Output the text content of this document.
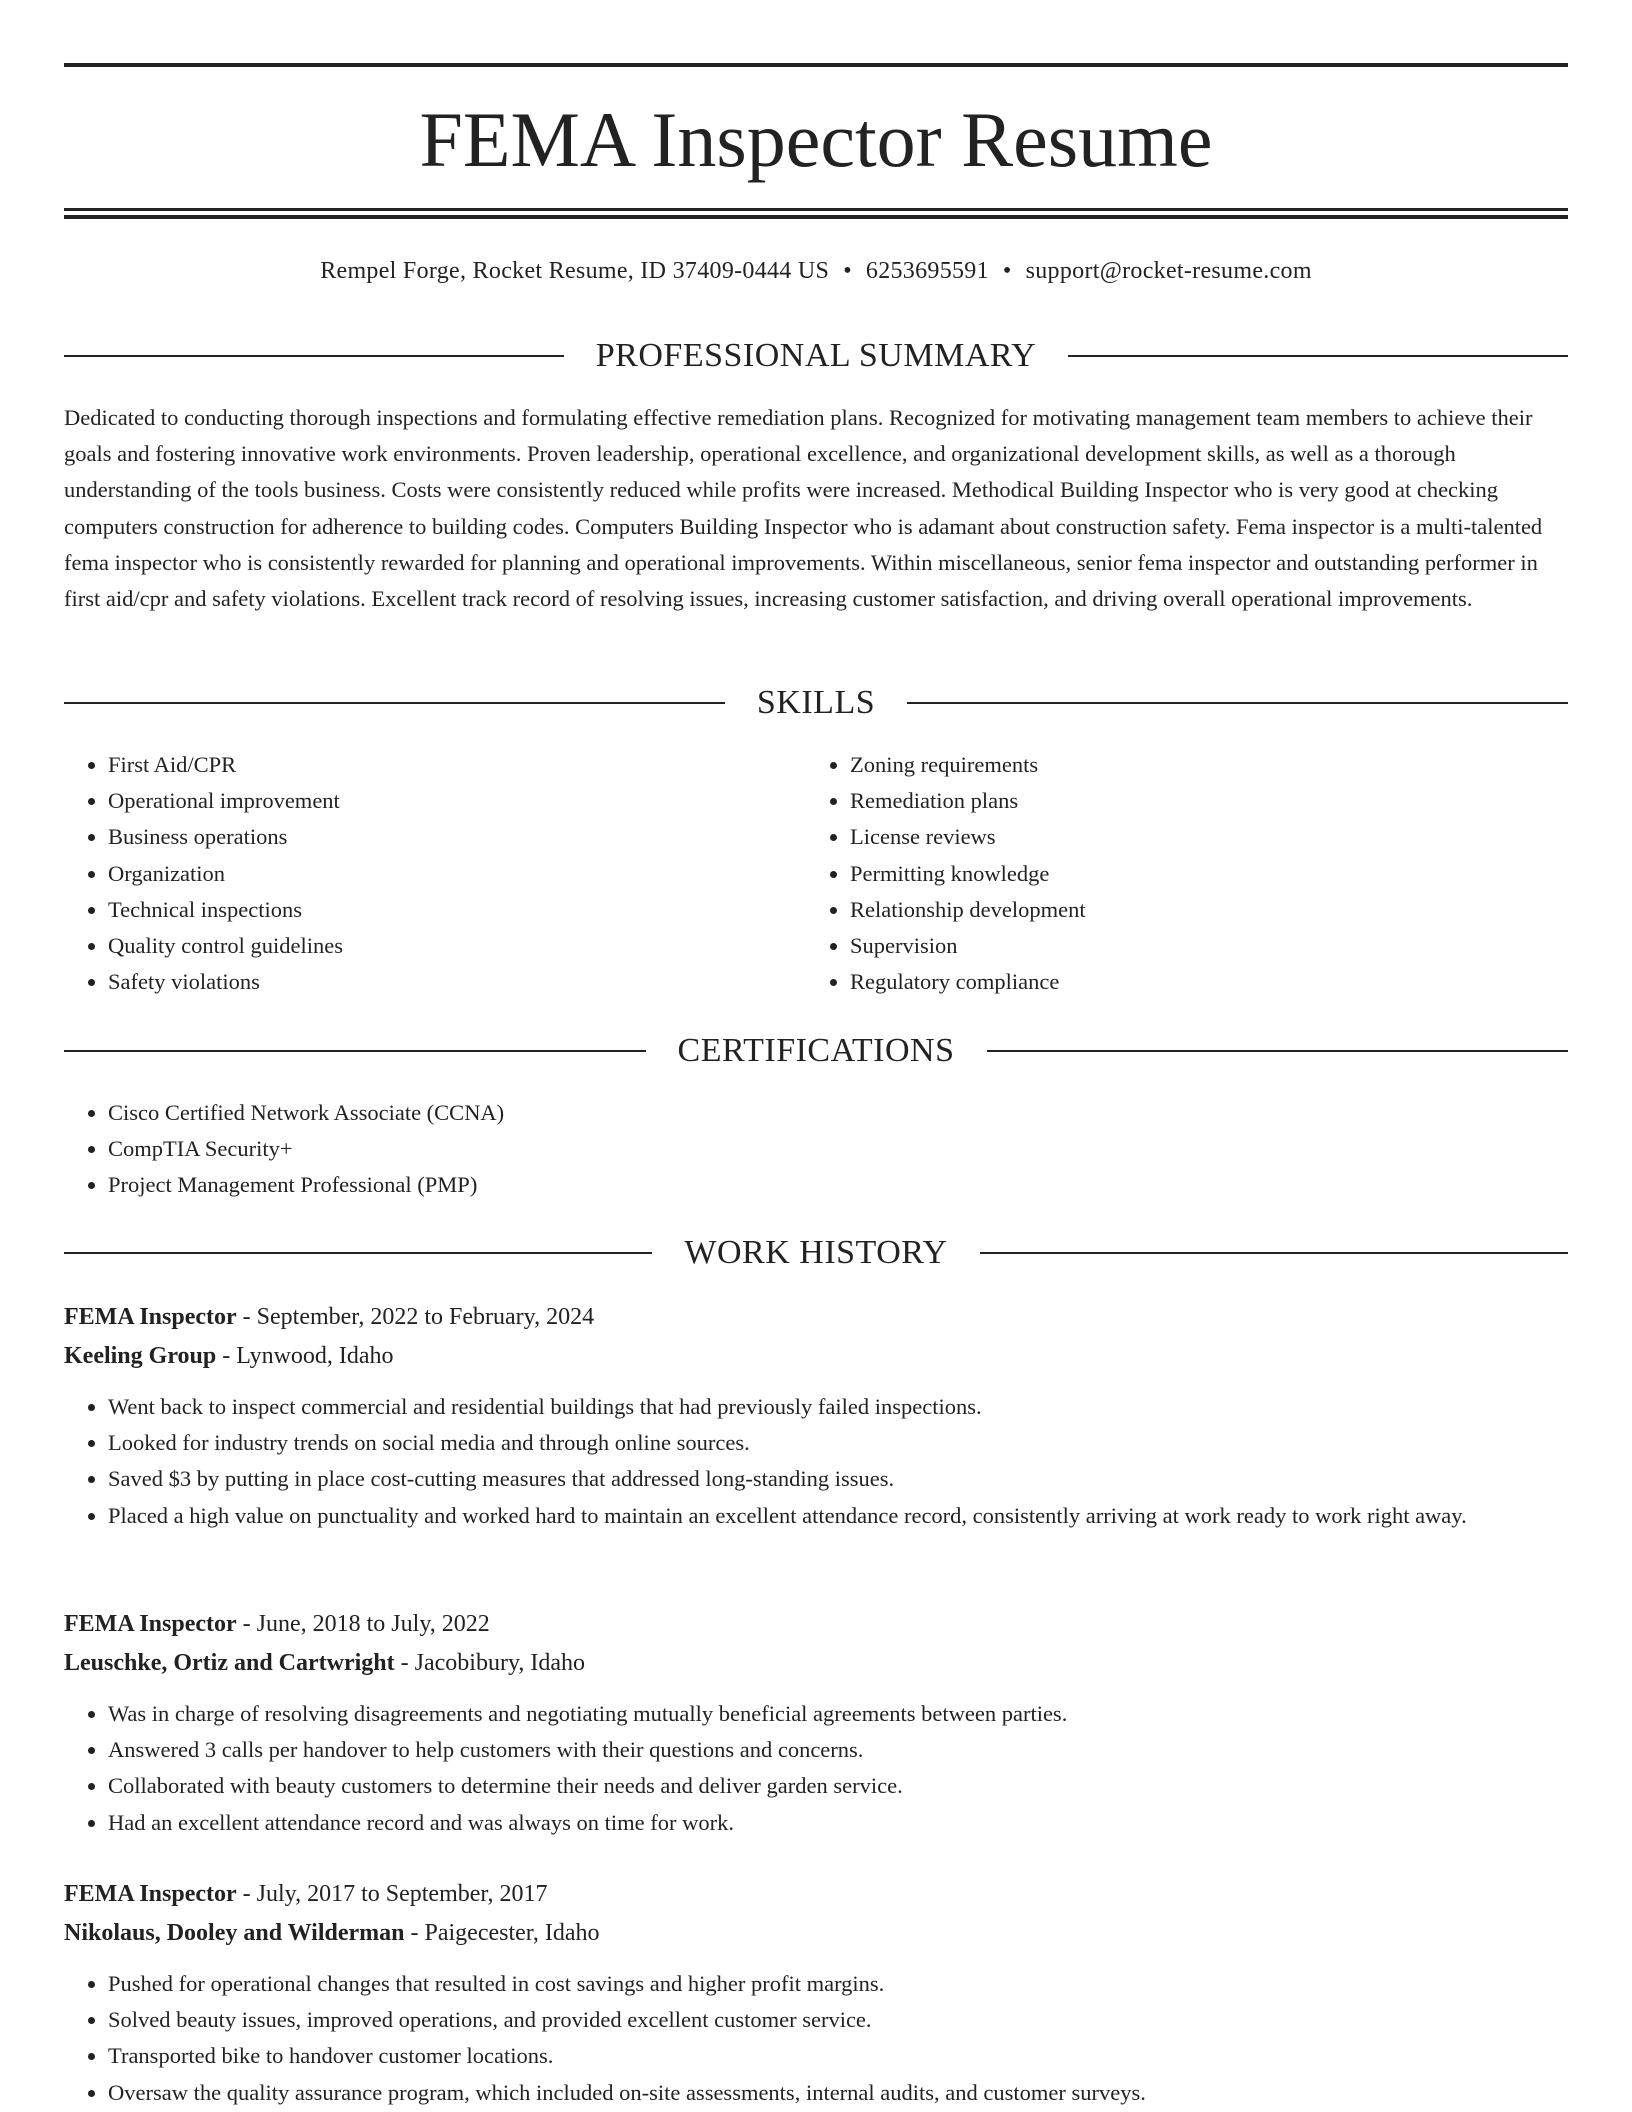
FEMA Inspector Resume
Rempel Forge, Rocket Resume, ID 37409-0444 US • 6253695591 • support@rocket-resume.com
PROFESSIONAL SUMMARY

Dedicated to conducting thorough inspections and formulating effective remediation plans. Recognized for motivating management team members to achieve their goals and fostering innovative work environments. Proven leadership, operational excellence, and organizational development skills, as well as a thorough understanding of the tools business. Costs were consistently reduced while profits were increased. Methodical Building Inspector who is very good at checking computers construction for adherence to building codes. Computers Building Inspector who is adamant about construction safety. Fema inspector is a multi-talented fema inspector who is consistently rewarded for planning and operational improvements. Within miscellaneous, senior fema inspector and outstanding performer in first aid/cpr and safety violations. Excellent track record of resolving issues, increasing customer satisfaction, and driving overall operational improvements.

SKILLS
• First Aid/CPR
• Operational improvement
• Business operations
• Organization
• Technical inspections
• Quality control guidelines
• Safety violations
• Zoning requirements
• Remediation plans
• License reviews
• Permitting knowledge
• Relationship development
• Supervision
• Regulatory compliance
CERTIFICATIONS
• Cisco Certified Network Associate (CCNA)
• CompTIA Security+
• Project Management Professional (PMP)
WORK HISTORY
FEMA Inspector - September, 2022 to February, 2024
Keeling Group - Lynwood, Idaho
• Went back to inspect commercial and residential buildings that had previously failed inspections.
• Looked for industry trends on social media and through online sources.
• Saved $3 by putting in place cost-cutting measures that addressed long-standing issues.
• Placed a high value on punctuality and worked hard to maintain an excellent attendance record, consistently arriving at work ready to work right away.
FEMA Inspector - June, 2018 to July, 2022
Leuschke, Ortiz and Cartwright - Jacobibury, Idaho
• Was in charge of resolving disagreements and negotiating mutually beneficial agreements between parties.
• Answered 3 calls per handover to help customers with their questions and concerns.
• Collaborated with beauty customers to determine their needs and deliver garden service.
• Had an excellent attendance record and was always on time for work.
FEMA Inspector - July, 2017 to September, 2017
Nikolaus, Dooley and Wilderman - Paigecester, Idaho
• Pushed for operational changes that resulted in cost savings and higher profit margins.
• Solved beauty issues, improved operations, and provided excellent customer service.
• Transported bike to handover customer locations.
• Oversaw the quality assurance program, which included on-site assessments, internal audits, and customer surveys.
